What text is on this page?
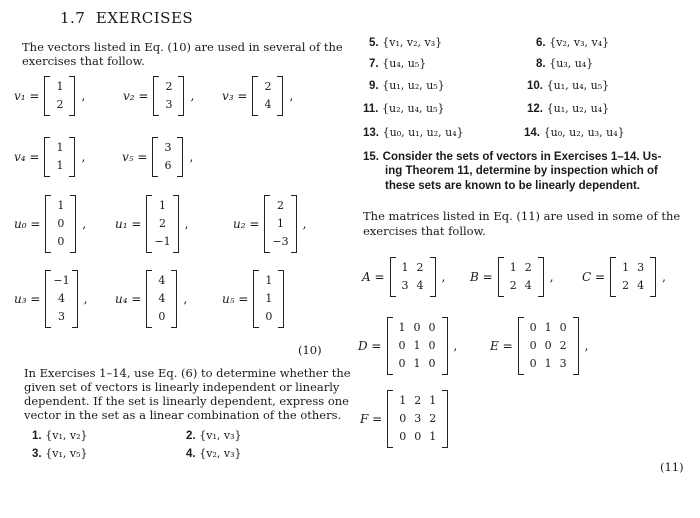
1.7 EXERCISES
The vectors listed in Eq. (10) are used in several of the
exercises that follow.
v₁ =
1
2
,	v₂ =
2
3
, v₃ =
2
4
,
v₄ =
1
1
,	v₅ =
3
6
,
u₀ =
1
0
0
, u₁ =
1
2
−1
,	u₂ =
2
1
−3
,
u₃ =
−1
4
3
, u₄ =
4
4
0
,	u₅ =
1
1
0
(10)
In Exercises 1–14, use Eq. (6) to determine whether the
given set of vectors is linearly independent or linearly
dependent. If the set is linearly dependent, express one
vector in the set as a linear combination of the others.
1. {v₁, v₂}	2. {v₁, v₃}
3. {v₁, v₅}	4. {v₂, v₃}
5. {v₁, v₂, v₃}	6. {v₂, v₃, v₄}
7. {u₄, u₅}	8. {u₃, u₄}
9. {u₁, u₂, u₅}	10. {u₁, u₄, u₅}
11. {u₂, u₄, u₅}	12. {u₁, u₂, u₄}
13. {u₀, u₁, u₂, u₄}	14. {u₀, u₂, u₃, u₄}
15. Consider the sets of vectors in Exercises 1–14. Us-
ing Theorem 11, determine by inspection which of
these sets are known to be linearly dependent.
The matrices listed in Eq. (11) are used in some of the
exercises that follow.
A =
1 2
3 4
, B =
1 2
2 4
, C =
1 3
2 4
,
D =
1 0 0
0 1 0
0 1 0
,	E =
0 1 0
0 0 2
0 1 3
,
F =
1 2 1
0 3 2
0 0 1
(11)
